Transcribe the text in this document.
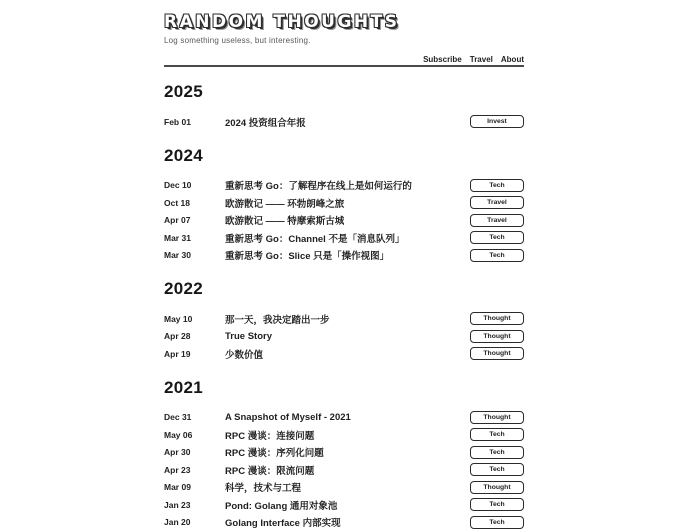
RANDOM THOUGHTS

Log something useless, but interesting.

Subscribe Travel About
2025
Feb 01	2024 投资组合年报	Invest
2024
Dec 10	重新思考 Go：了解程序在线上是如何运行的	Tech
Oct 18	欧游散记 —— 环勃朗峰之旅	Travel
Apr 07	欧游散记 —— 特摩索斯古城	Travel
Mar 31	重新思考 Go：Channel 不是「消息队列」	Tech
Mar 30	重新思考 Go：Slice 只是「操作视图」	Tech
2022
May 10	那一天，我决定踏出一步	Thought
Apr 28	True Story	Thought
Apr 19	少数价值	Thought
2021
Dec 31	A Snapshot of Myself - 2021	Thought
May 06	RPC 漫谈：连接问题	Tech
Apr 30	RPC 漫谈：序列化问题	Tech
Apr 23	RPC 漫谈：限流问题	Tech
Mar 09	科学，技术与工程	Thought
Jan 23	Pond: Golang 通用对象池	Tech
Jan 20	Golang Interface 内部实现	Tech
